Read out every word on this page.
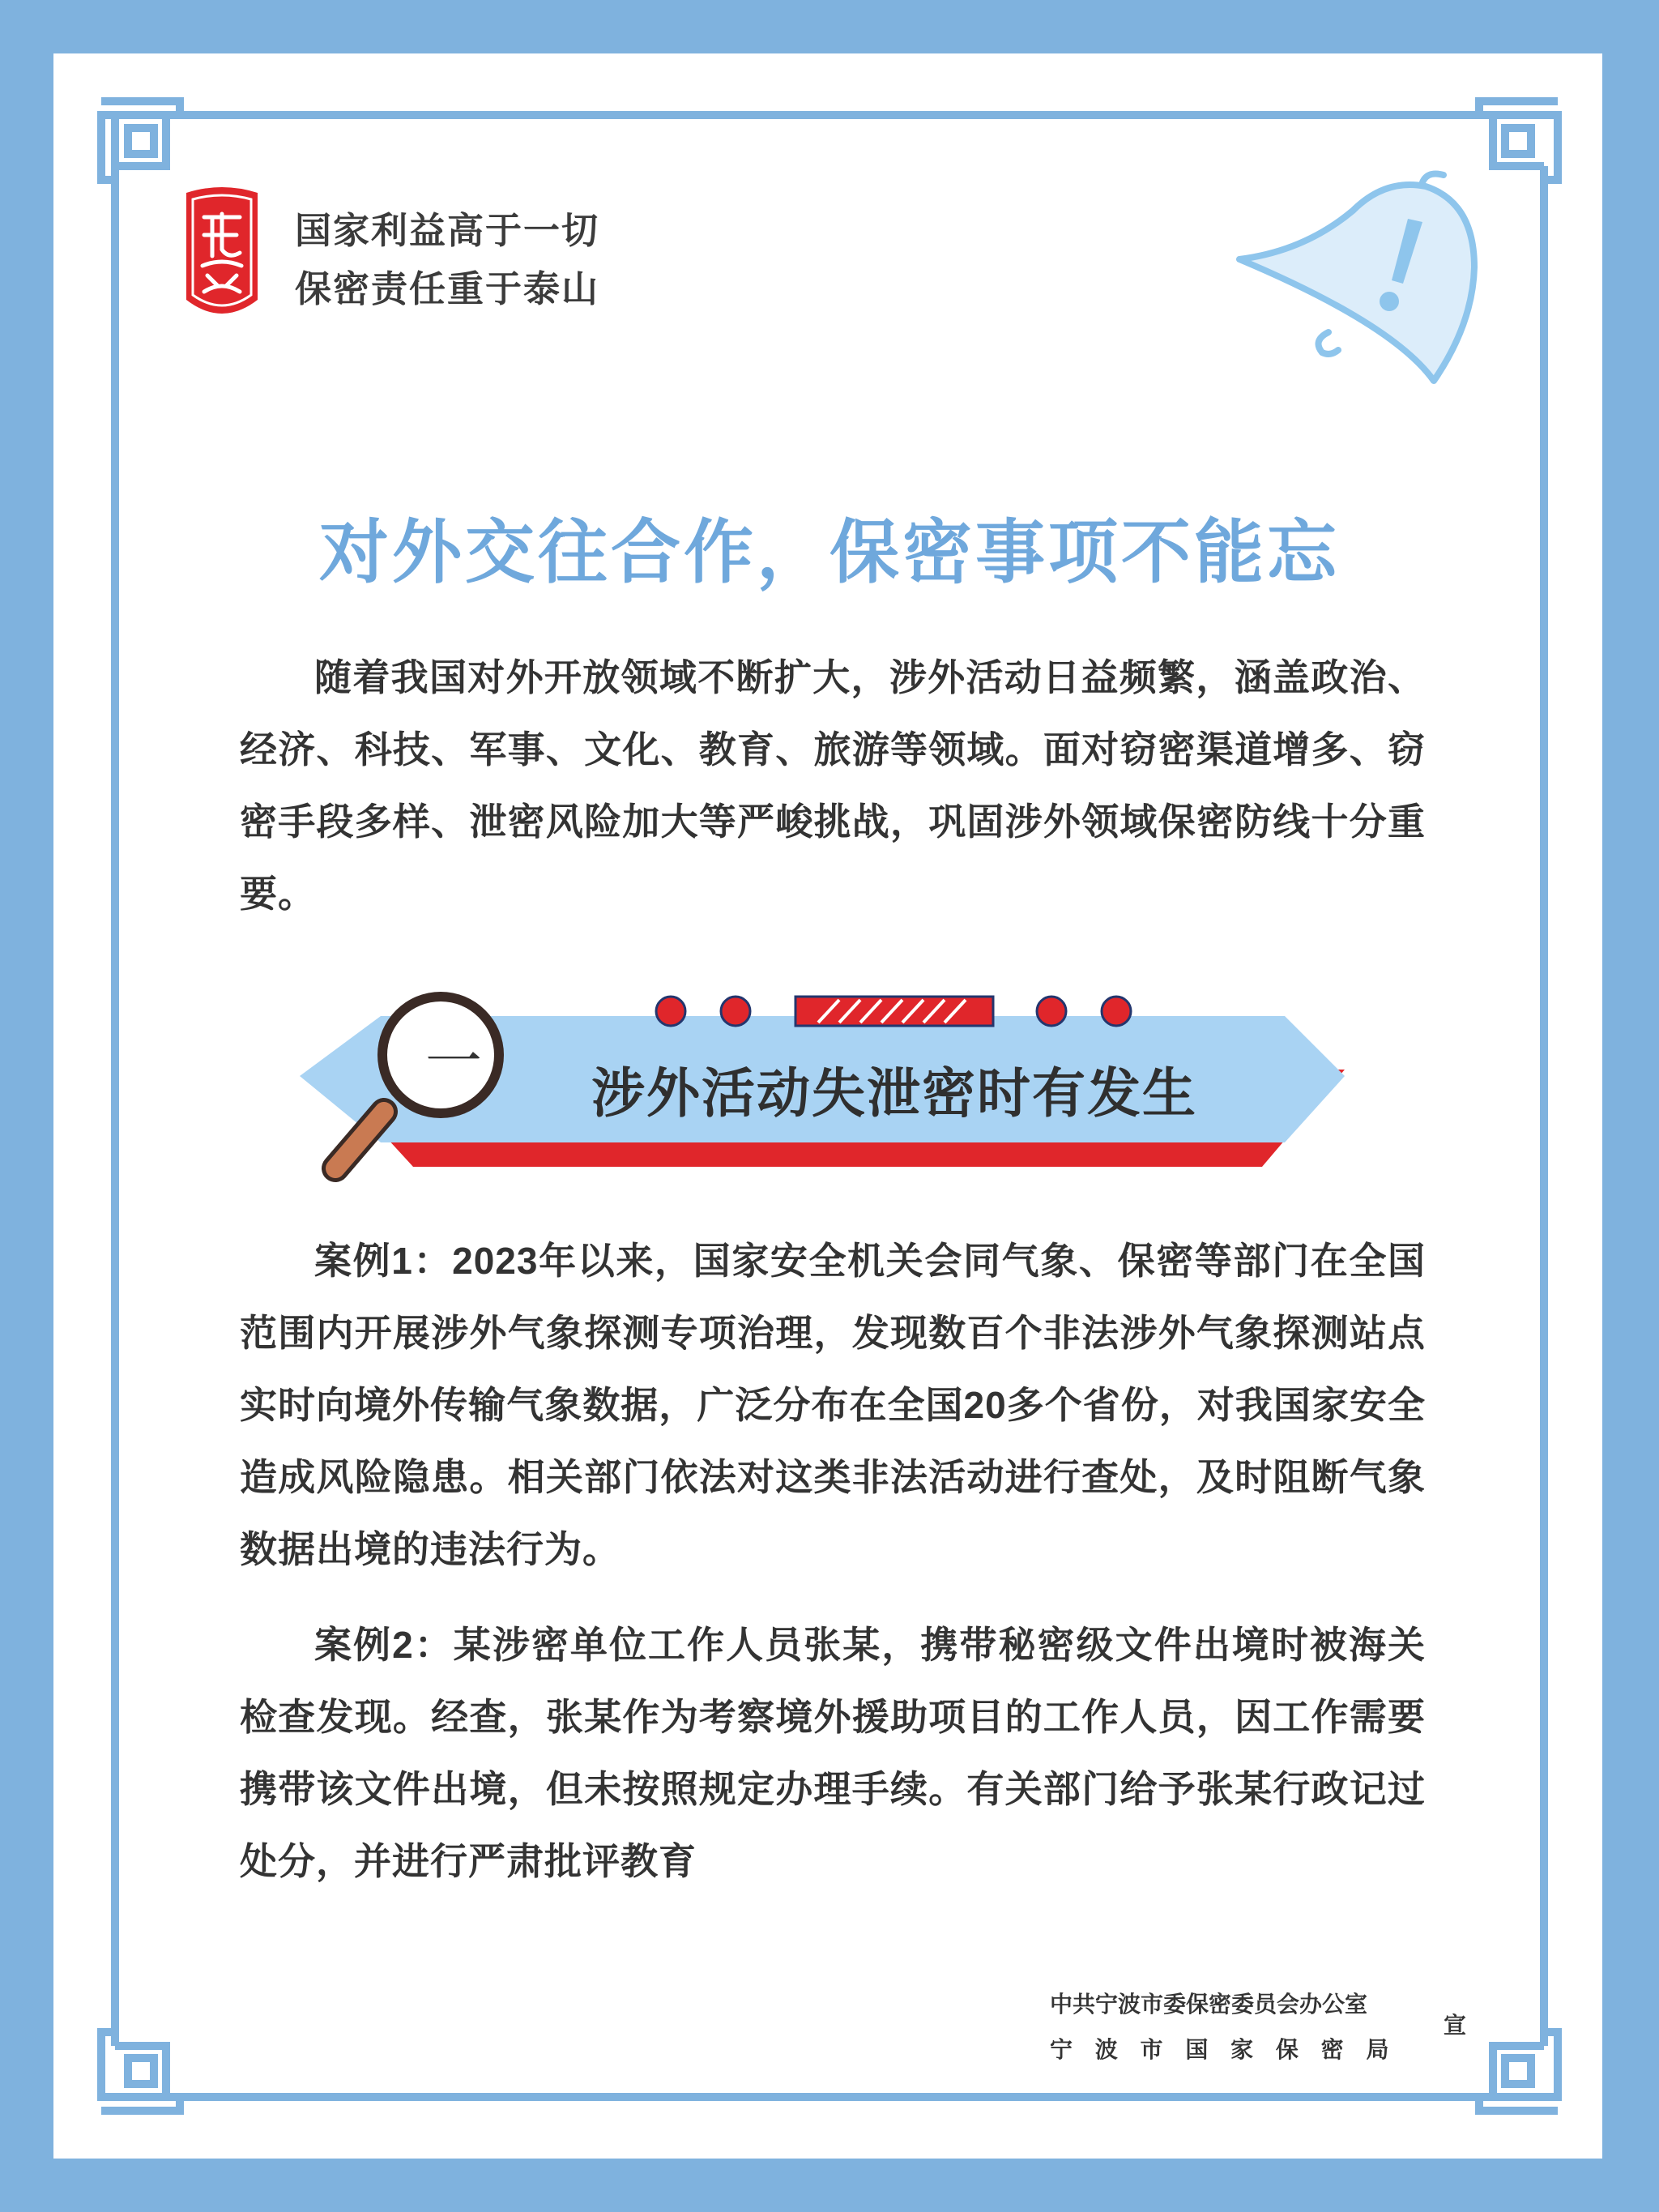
国家利益高于一切
保密责任重于泰山
对外交往合作，保密事项不能忘

随着我国对外开放领域不断扩大，涉外活动日益频繁，涵盖政治、经济、科技、军事、文化、教育、旅游等领域。面对窃密渠道增多、窃密手段多样、泄密风险加大等严峻挑战，巩固涉外领域保密防线十分重要。

一
涉外活动失泄密时有发生

案例1：2023年以来，国家安全机关会同气象、保密等部门在全国范围内开展涉外气象探测专项治理，发现数百个非法涉外气象探测站点实时向境外传输气象数据，广泛分布在全国20多个省份，对我国家安全造成风险隐患。相关部门依法对这类非法活动进行查处，及时阻断气象数据出境的违法行为。

案例2：某涉密单位工作人员张某，携带秘密级文件出境时被海关检查发现。经查，张某作为考察境外援助项目的工作人员，因工作需要携带该文件出境，但未按照规定办理手续。有关部门给予张某行政记过处分，并进行严肃批评教育

中共宁波市委保密委员会办公室
宁 波 市 国 家 保 密 局
宣
